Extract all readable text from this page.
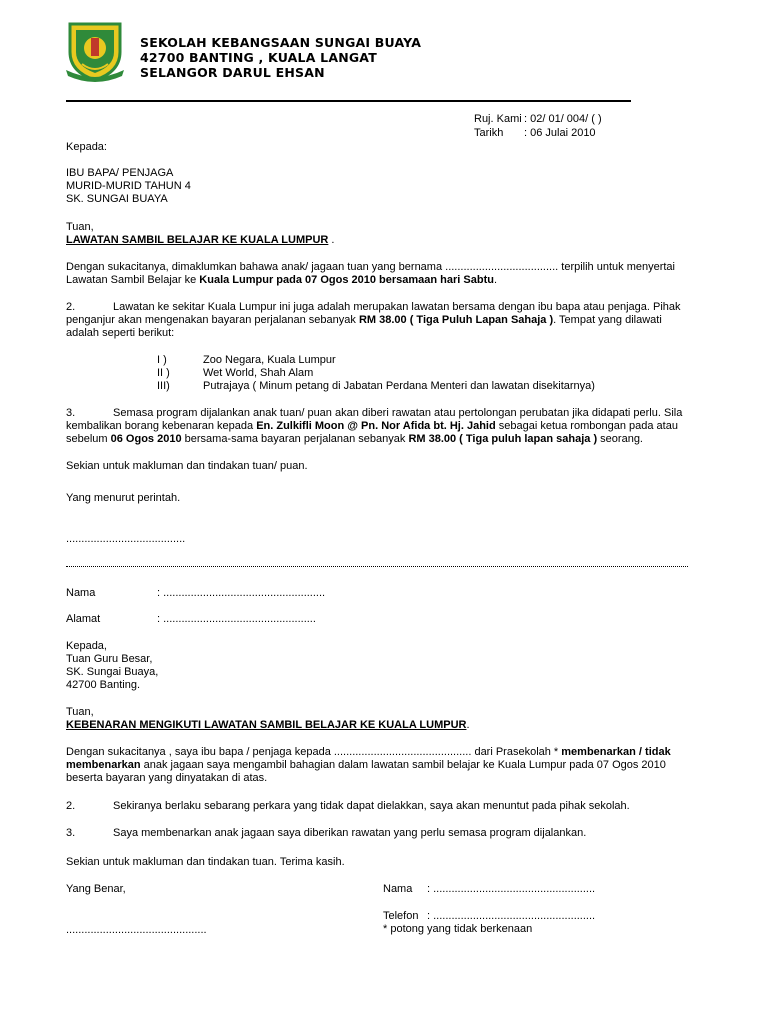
SEKOLAH KEBANGSAAN SUNGAI BUAYA
42700 BANTING , KUALA LANGAT
SELANGOR DARUL EHSAN
Ruj. Kami : 02/ 01/ 004/ ( )
Tarikh : 06 Julai 2010
Kepada:
IBU BAPA/ PENJAGA
MURID-MURID TAHUN 4
SK. SUNGAI BUAYA
Tuan,
LAWATAN SAMBIL BELAJAR KE KUALA LUMPUR .
Dengan sukacitanya, dimaklumkan bahawa anak/ jagaan tuan yang bernama ..................................... terpilih untuk menyertai
Lawatan Sambil Belajar ke Kuala Lumpur pada 07 Ogos 2010 bersamaan hari Sabtu.
2.	Lawatan ke sekitar Kuala Lumpur ini juga adalah merupakan lawatan bersama dengan ibu bapa atau penjaga. Pihak
penganjur akan mengenakan bayaran perjalanan sebanyak RM 38.00 ( Tiga Puluh Lapan Sahaja ). Tempat yang dilawati
adalah seperti berikut:
I )	Zoo Negara, Kuala Lumpur
II )	Wet World, Shah Alam
III)	Putrajaya ( Minum petang di Jabatan Perdana Menteri dan lawatan disekitarnya)
3.	Semasa program dijalankan anak tuan/ puan akan diberi rawatan atau pertolongan perubatan jika didapati perlu. Sila
kembalikan borang kebenaran kepada En. Zulkifli Moon @ Pn. Nor Afida bt. Hj. Jahid sebagai ketua rombongan pada atau
sebelum 06 Ogos 2010 bersama-sama bayaran perjalanan sebanyak RM 38.00 ( Tiga puluh lapan sahaja ) seorang.
Sekian untuk makluman dan tindakan tuan/ puan.
Yang menurut perintah.
.......................................
Nama	: .....................................................
Alamat	: ..................................................
Kepada,
Tuan Guru Besar,
SK. Sungai Buaya,
42700 Banting.
Tuan,
KEBENARAN MENGIKUTI LAWATAN SAMBIL BELAJAR KE KUALA LUMPUR.
Dengan sukacitanya , saya ibu bapa / penjaga kepada ............................................. dari Prasekolah * membenarkan / tidak
membenarkan anak jagaan saya mengambil bahagian dalam lawatan sambil belajar ke Kuala Lumpur pada 07 Ogos 2010
beserta bayaran yang dinyatakan di atas.
2.	Sekiranya berlaku sebarang perkara yang tidak dapat dielakkan, saya akan menuntut pada pihak sekolah.
3.	Saya membenarkan anak jagaan saya diberikan rawatan yang perlu semasa program dijalankan.
Sekian untuk makluman dan tindakan tuan. Terima kasih.
Yang Benar,	Nama : .....................................................
Telefon : .....................................................
..............................................	* potong yang tidak berkenaan
